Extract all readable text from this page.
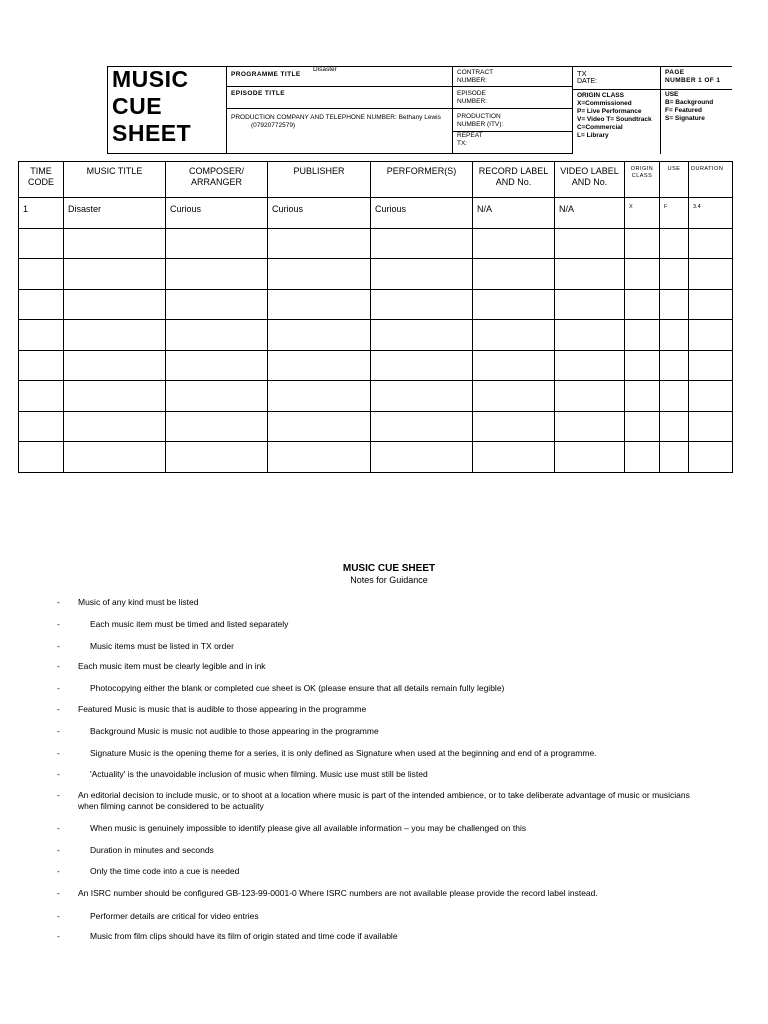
MUSIC
CUE
SHEET
PROGRAMME TITLE
Disaster
EPISODE TITLE
PRODUCTION COMPANY AND TELEPHONE NUMBER: Bethany Lewis
(07920772579)
CONTRACT
NUMBER:
EPISODE
NUMBER:
PRODUCTION
NUMBER (ITV):
REPEAT
TX:
TX
DATE:
ORIGIN CLASS
X=Commissioned
P= Live Performance
V= Video T= Soundtrack
C=Commercial
L= Library
PAGE
NUMBER 1 OF 1
USE
B= Background
F= Featured
S= Signature
TIME
CODE	MUSIC TITLE	COMPOSER/
ARRANGER	PUBLISHER	PERFORMER(S)	RECORD LABEL
AND No.	VIDEO LABEL
AND No.	ORIGIN
CLASS	USE	DURATION
1	Disaster	Curious	Curious	Curious	N/A	N/A	X	F	3.4

MUSIC CUE SHEET
Notes for Guidance
- Music of any kind must be listed
-	Each music item must be timed and listed separately
-	Music items must be listed in TX order
- Each music item must be clearly legible and in ink
-	Photocopying either the blank or completed cue sheet is OK (please ensure that all details remain fully legible)
- Featured Music is music that is audible to those appearing in the programme
-	Background Music is music not audible to those appearing in the programme
-	Signature Music is the opening theme for a series, it is only defined as Signature when used at the beginning and end of a programme.
-	'Actuality' is the unavoidable inclusion of music when filming. Music use must still be listed
- An editorial decision to include music, or to shoot at a location where music is part of the intended ambience, or to take deliberate advantage of music or musicians
when filming cannot be considered to be actuality
-	When music is genuinely impossible to identify please give all available information – you may be challenged on this
-	Duration in minutes and seconds
-	Only the time code into a cue is needed
- An ISRC number should be configured GB-123-99-0001-0 Where ISRC numbers are not available please provide the record label instead.
-	Performer details are critical for video entries
-	Music from film clips should have its film of origin stated and time code if available
